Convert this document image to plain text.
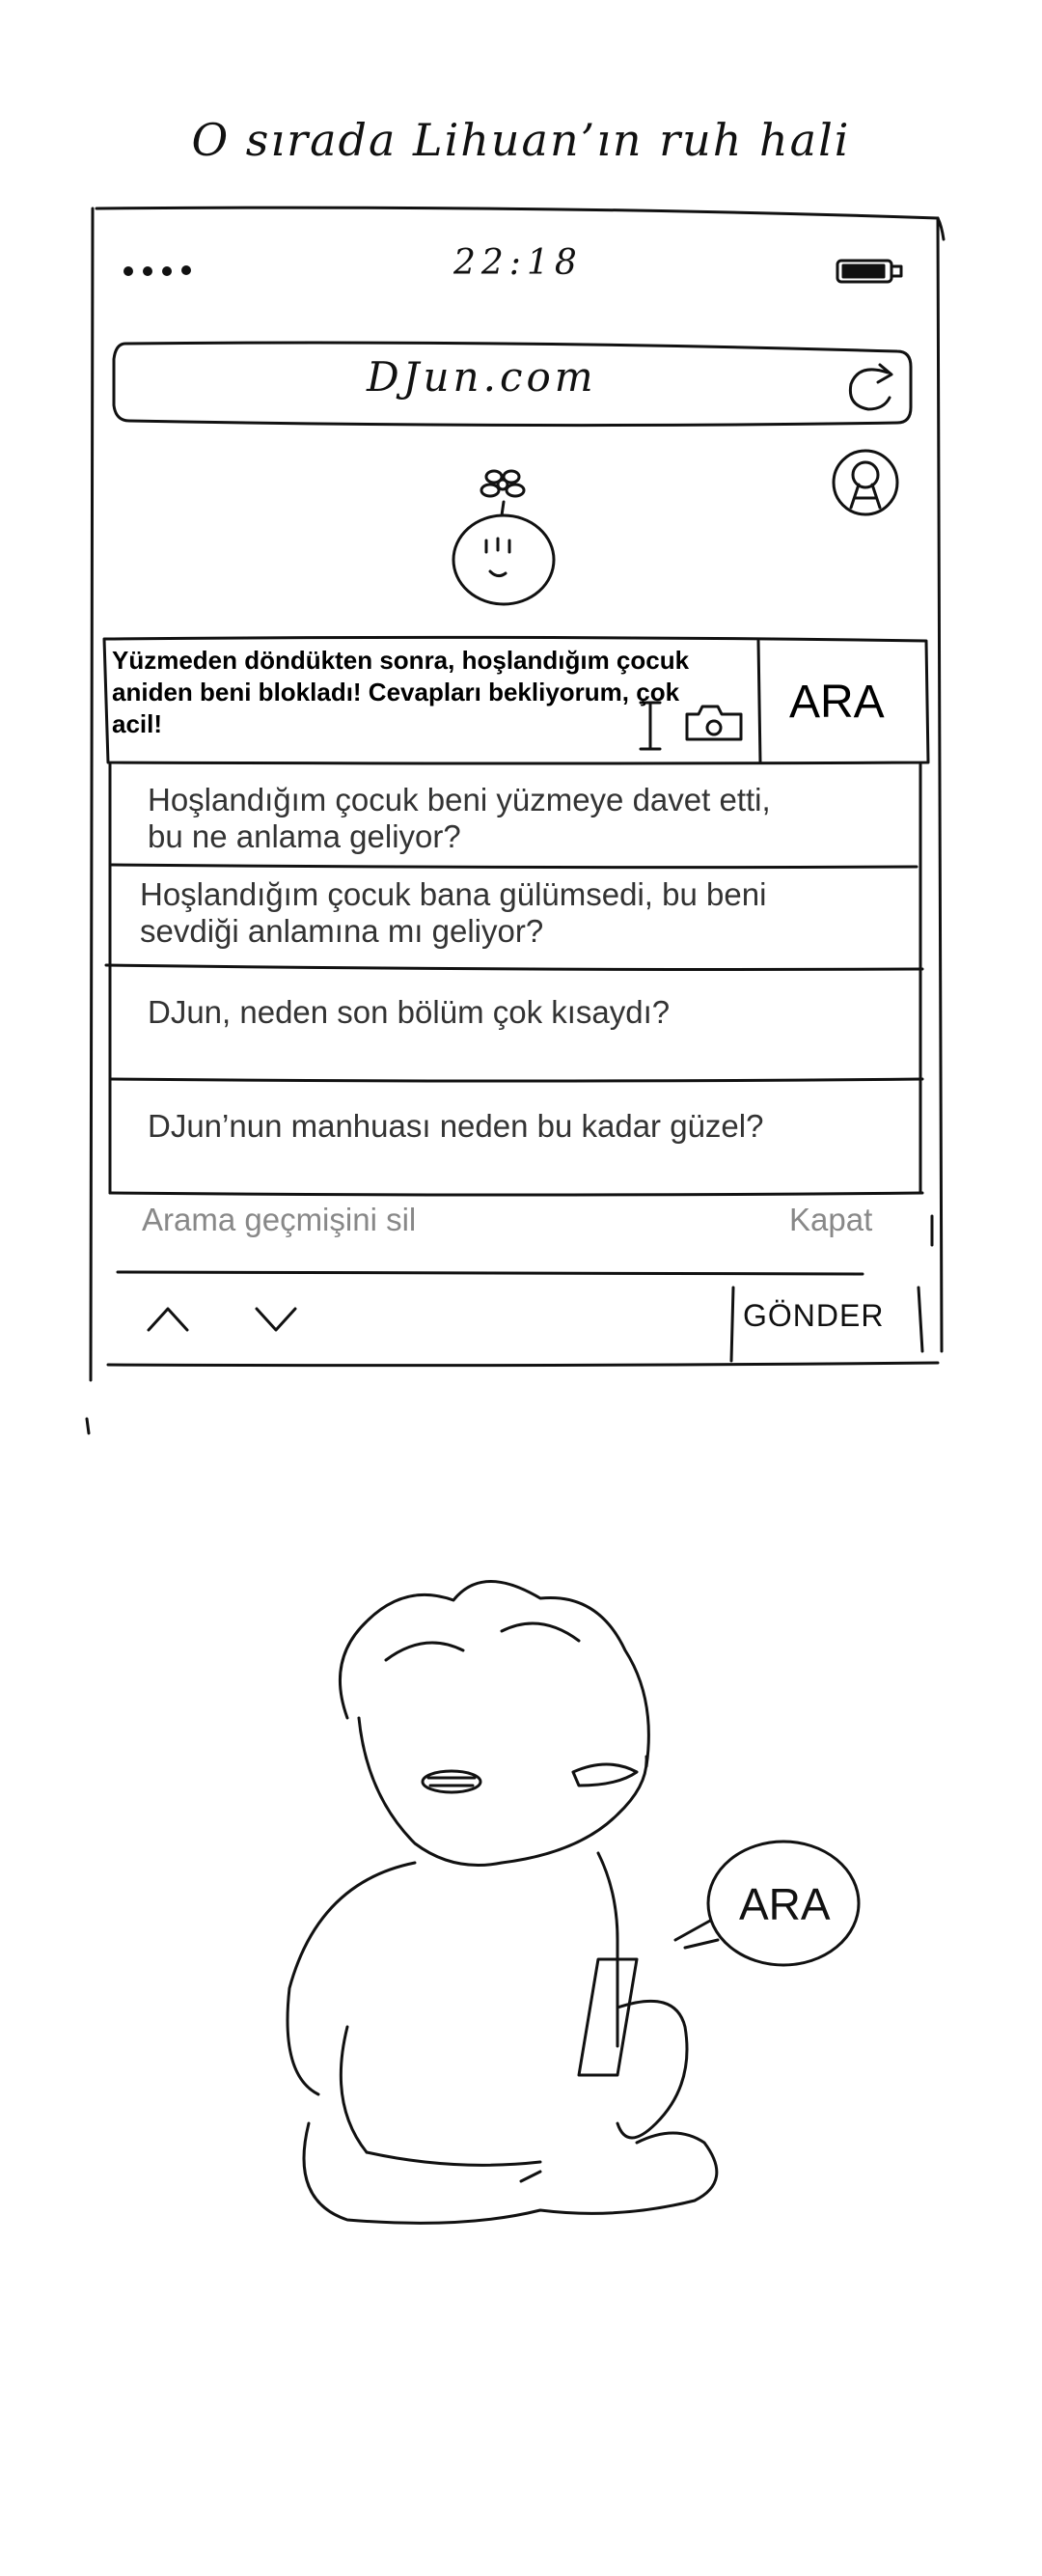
O sırada Lihuan’ın ruh hali
22:18
DJun.com
Yüzmeden döndükten sonra, hoşlandığım çocuk aniden beni blokladı! Cevapları bekliyorum, çok acil!	ARA
Hoşlandığım çocuk beni yüzmeye davet etti, bu ne anlama geliyor?
Hoşlandığım çocuk bana gülümsedi, bu beni sevdiği anlamına mı geliyor?
DJun, neden son bölüm çok kısaydı?
DJun’nun manhuası neden bu kadar güzel?
Arama geçmişini sil	Kapat
GÖNDER
ARA
